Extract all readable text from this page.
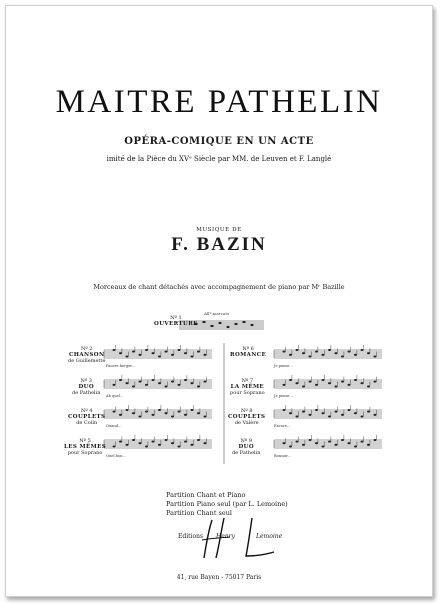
MAITRE PATHELIN
OPÉRA-COMIQUE EN UN ACTE
imité de la Pièce du XVᵉ Siècle par MM. de Leuven et F. Langlé
MUSIQUE DE
F. BAZIN
Morceaux de chant détachés avec accompagnement de piano par Mʳ Bazille
Nº 1
OUVERTURE
Allº marcato
Nº 2
CHANSON
de Guillemette
Nº 3
DUO
de Pathelin
Nº 4
COUPLETS
de Colin
Nº 5
LES MÊMES
pour Soprano
Nº 6
ROMANCE
Nº 7
LA MÊME
pour Soprano
Nº 8
COUPLETS
de Valère
Nº 9
DUO
de Pathelin
Pauvre berger...
Ah quel...
Quand...
Quel bon...
Je pense...
Je pense...
Encore...
Bonsoir...
Partition Chant et Piano
Partition Piano seul (par L. Lemoine)
Partition Chant seul
Editions Henry	Lemoine
41, rue Bayen - 75017 Paris
